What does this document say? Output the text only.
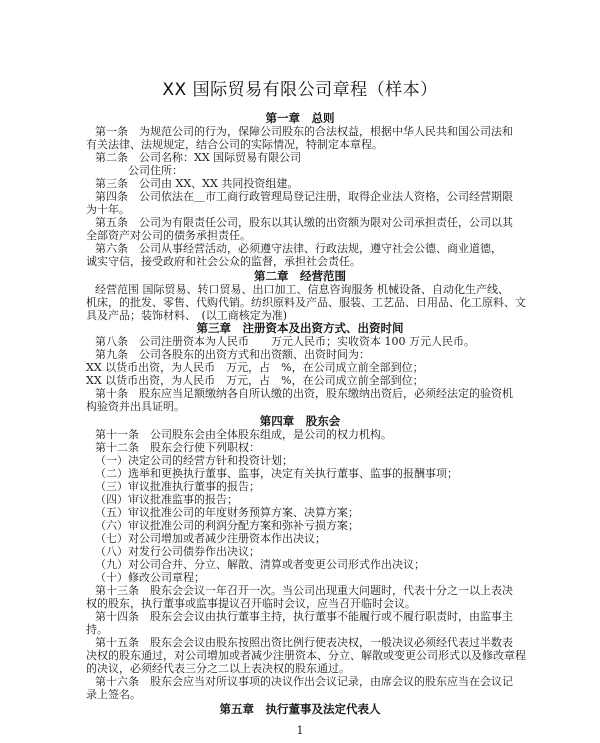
XX 国际贸易有限公司章程（样本）
第一章　总则
第一条　为规范公司的行为，保障公司股东的合法权益，根据中华人民共和国公司法和
有关法律、法规规定，结合公司的实际情况，特制定本章程。
第二条　公司名称：XX 国际贸易有限公司
公司住所：
第三条　公司由 XX、XX 共同投资组建。
第四条　公司依法在＿市工商行政管理局登记注册，取得企业法人资格，公司经营期限
为十年。
第五条　公司为有限责任公司，股东以其认缴的出资额为限对公司承担责任，公司以其
全部资产对公司的债务承担责任。
第六条　公司从事经营活动，必须遵守法律、行政法规，遵守社会公德、商业道德，
诚实守信，接受政府和社会公众的监督，承担社会责任。
第二章　经营范围
经营范围 国际贸易、转口贸易、出口加工、信息咨询服务 机械设备、自动化生产线、
机床，的批发、零售、代购代销。纺织原料及产品、服装、工艺品、日用品、化工原料、文
具及产品；装饰材料、　(以工商核定为准)
第三章　注册资本及出资方式、出资时间
第八条　公司注册资本为人民币　　万元人民币；实收资本 100 万元人民币。
第九条　公司各股东的出资方式和出资额、出资时间为：
XX 以货币出资，为人民币　万元，占　%，在公司成立前全部到位；
XX 以货币出资，为人民币　万元，占　%，在公司成立前全部到位；
第十条　股东应当足额缴纳各自所认缴的出资，股东缴纳出资后，必须经法定的验资机
构验资并出具证明。
第四章　股东会
第十一条　公司股东会由全体股东组成，是公司的权力机构。
第十二条　股东会行使下列职权：
（一）决定公司的经营方针和投资计划；
（二）选举和更换执行董事、监事，决定有关执行董事、监事的报酬事项；
（三）审议批准执行董事的报告；
（四）审议批准监事的报告；
（五）审议批准公司的年度财务预算方案、决算方案；
（六）审议批准公司的利润分配方案和弥补亏损方案；
（七）对公司增加或者减少注册资本作出决议；
（八）对发行公司债券作出决议；
（九）对公司合并、分立、解散、清算或者变更公司形式作出决议；
（十）修改公司章程；
第十三条　股东会会议一年召开一次。当公司出现重大问题时，代表十分之一以上表决
权的股东，执行董事或监事提议召开临时会议，应当召开临时会议。
第十四条　股东会会议由执行董事主持，执行董事不能履行或不履行职责时，由监事主
持。
第十五条　股东会会议由股东按照出资比例行使表决权，一般决议必须经代表过半数表
决权的股东通过，对公司增加或者减少注册资本、分立、解散或变更公司形式以及修改章程
的决议，必须经代表三分之二以上表决权的股东通过。
第十六条　股东会应当对所议事项的决议作出会议记录，由席会议的股东应当在会议记
录上签名。
第五章　执行董事及法定代表人
1
